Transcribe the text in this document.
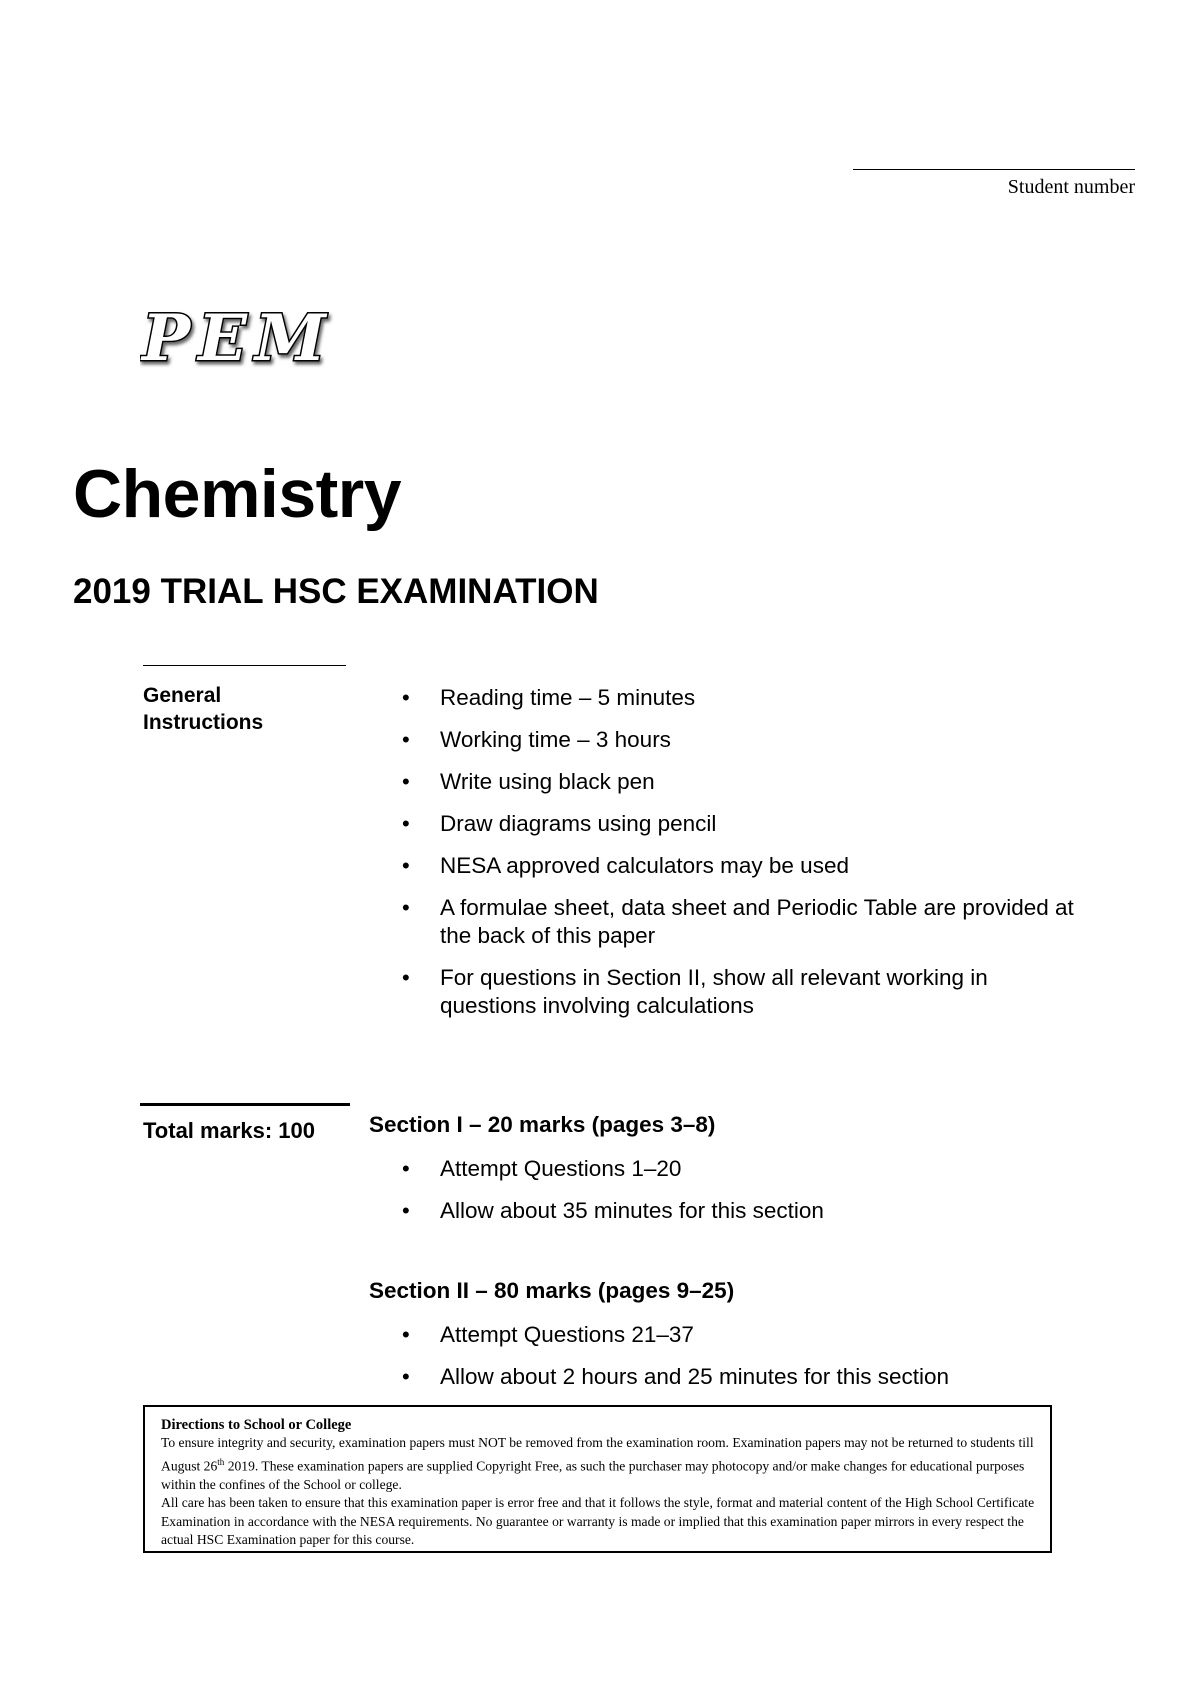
Student number
PEM
Chemistry
2019 TRIAL HSC EXAMINATION
General Instructions
• Reading time – 5 minutes
• Working time – 3 hours
• Write using black pen
• Draw diagrams using pencil
• NESA approved calculators may be used
• A formulae sheet, data sheet and Periodic Table are provided at the back of this paper
• For questions in Section II, show all relevant working in questions involving calculations
Total marks: 100 Section I – 20 marks (pages 3–8)
• Attempt Questions 1–20
• Allow about 35 minutes for this section
Section II – 80 marks (pages 9–25)
• Attempt Questions 21–37
• Allow about 2 hours and 25 minutes for this section

Directions to School or College

To ensure integrity and security, examination papers must NOT be removed from the examination room. Examination papers may not be returned to students till August 26th 2019. These examination papers are supplied Copyright Free, as such the purchaser may photocopy and/or make changes for educational purposes within the confines of the School or college.

All care has been taken to ensure that this examination paper is error free and that it follows the style, format and material content of the High School Certificate Examination in accordance with the NESA requirements. No guarantee or warranty is made or implied that this examination paper mirrors in every respect the actual HSC Examination paper for this course.
